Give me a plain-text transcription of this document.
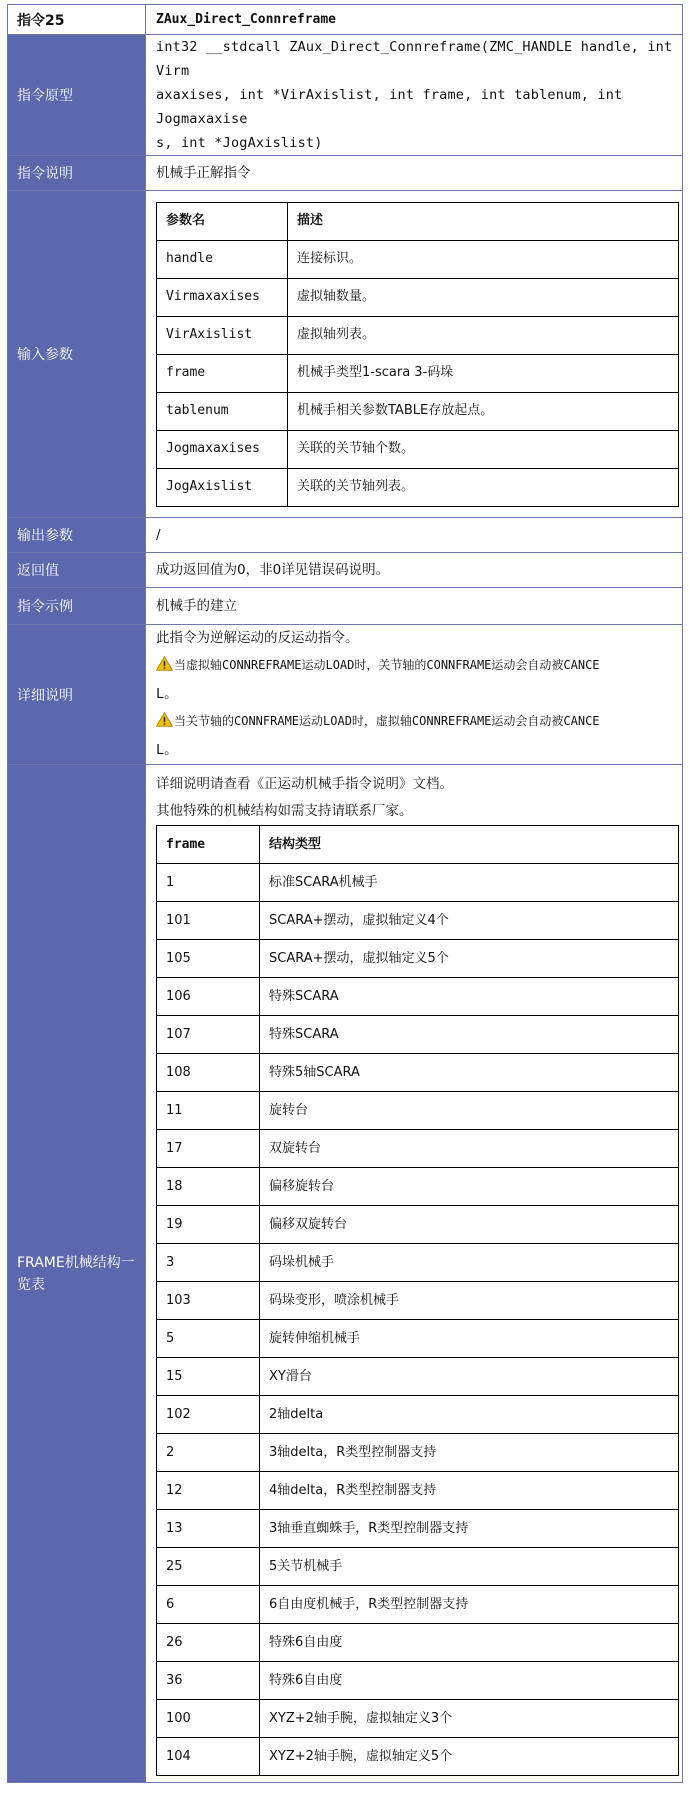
指令25	ZAux_Direct_Connreframe
指令原型	
int32 __stdcall ZAux_Direct_Connreframe(ZMC_HANDLE handle, int Virm
axaxises, int *VirAxislist, int frame, int tablenum, int Jogmaxaxise
s, int *JogAxislist)

指令说明	机械手正解指令
输入参数	
参数名	描述
handle	连接标识。
Virmaxaxises	虚拟轴数量。
VirAxislist	虚拟轴列表。
frame	机械手类型1-scara 3-码垛
tablenum	机械手相关参数TABLE存放起点。
Jogmaxaxises	关联的关节轴个数。
JogAxislist	关联的关节轴列表。

输出参数	/
返回值	成功返回值为0，非0详见错误码说明。
指令示例	机械手的建立
详细说明	

此指令为逆解运动的反运动指令。

当虚拟轴CONNREFRAME运动LOAD时，关节轴的CONNFRAME运动会自动被CANCE

L。

当关节轴的CONNFRAME运动LOAD时，虚拟轴CONNREFRAME运动会自动被CANCE

L。

FRAME机械结构一览表	

详细说明请查看《正运动机械手指令说明》文档。

其他特殊的机械结构如需支持请联系厂家。

frame	结构类型
1	标准SCARA机械手
101	SCARA+摆动，虚拟轴定义4个
105	SCARA+摆动，虚拟轴定义5个
106	特殊SCARA
107	特殊SCARA
108	特殊5轴SCARA
11	旋转台
17	双旋转台
18	偏移旋转台
19	偏移双旋转台
3	码垛机械手
103	码垛变形，喷涂机械手
5	旋转伸缩机械手
15	XY滑台
102	2轴delta
2	3轴delta，R类型控制器支持
12	4轴delta，R类型控制器支持
13	3轴垂直蜘蛛手，R类型控制器支持
25	5关节机械手
6	6自由度机械手，R类型控制器支持
26	特殊6自由度
36	特殊6自由度
100	XYZ+2轴手腕，虚拟轴定义3个
104	XYZ+2轴手腕，虚拟轴定义5个
